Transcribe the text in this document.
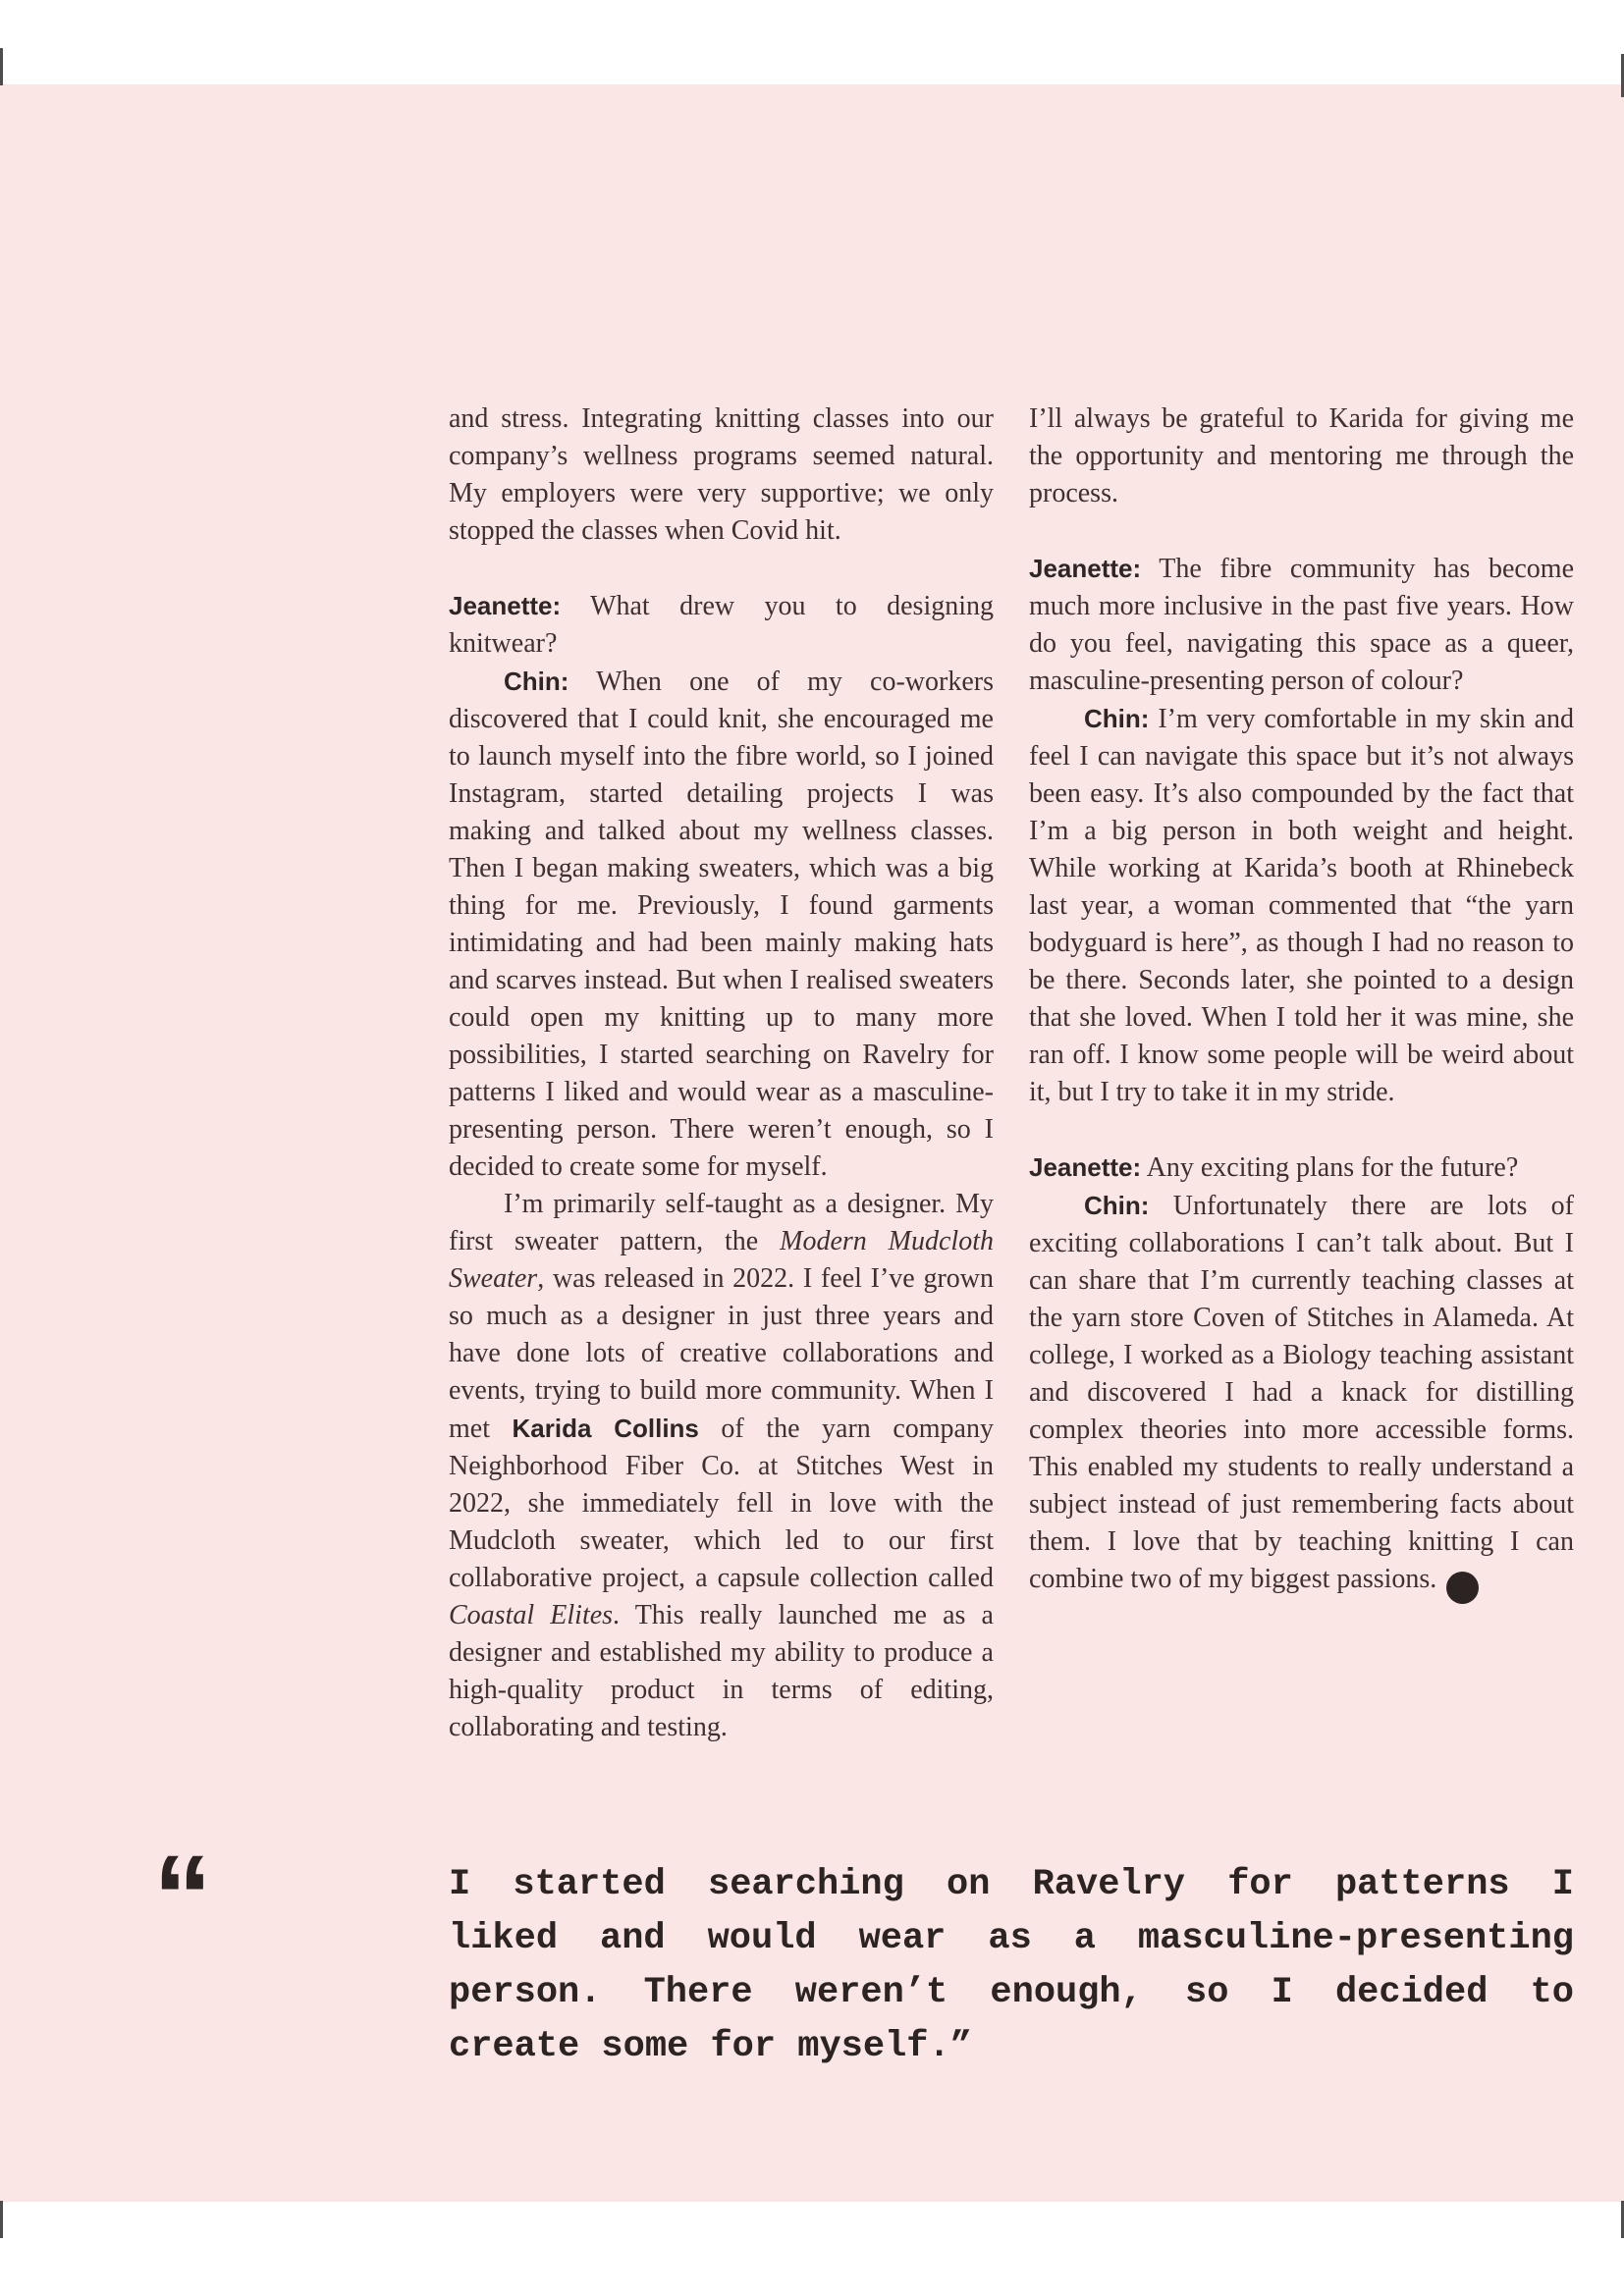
and stress. Integrating knitting classes into our company’s wellness programs seemed natural. My employers were very supportive; we only stopped the classes when Covid hit.

Jeanette: What drew you to designing knitwear?

Chin: When one of my co-workers discovered that I could knit, she encouraged me to launch myself into the fibre world, so I joined Instagram, started detailing projects I was making and talked about my wellness classes. Then I began making sweaters, which was a big thing for me. Previously, I found garments intimidating and had been mainly making hats and scarves instead. But when I realised sweaters could open my knitting up to many more possibilities, I started searching on Ravelry for patterns I liked and would wear as a masculine-presenting person. There weren’t enough, so I decided to create some for myself.

I’m primarily self-taught as a designer. My first sweater pattern, the Modern Mudcloth Sweater, was released in 2022. I feel I’ve grown so much as a designer in just three years and have done lots of creative collaborations and events, trying to build more community. When I met Karida Collins of the yarn company Neighborhood Fiber Co. at Stitches West in 2022, she immediately fell in love with the Mudcloth sweater, which led to our first collaborative project, a capsule collection called Coastal Elites. This really launched me as a designer and established my ability to produce a high-quality product in terms of editing, collaborating and testing.

I’ll always be grateful to Karida for giving me the opportunity and mentoring me through the process.

Jeanette: The fibre community has become much more inclusive in the past five years. How do you feel, navigating this space as a queer, masculine-presenting person of colour?

Chin: I’m very comfortable in my skin and feel I can navigate this space but it’s not always been easy. It’s also compounded by the fact that I’m a big person in both weight and height. While working at Karida’s booth at Rhinebeck last year, a woman commented that “the yarn bodyguard is here”, as though I had no reason to be there. Seconds later, she pointed to a design that she loved. When I told her it was mine, she ran off. I know some people will be weird about it, but I try to take it in my stride.

Jeanette: Any exciting plans for the future?

Chin: Unfortunately there are lots of exciting collaborations I can’t talk about. But I can share that I’m currently teaching classes at the yarn store Coven of Stitches in Alameda. At college, I worked as a Biology teaching assistant and discovered I had a knack for distilling complex theories into more accessible forms. This enabled my students to really understand a subject instead of just remembering facts about them. I love that by teaching knitting I can combine two of my biggest passions.	L

“	I started searching on Ravelry for patterns I
liked and would wear as a masculine-presenting
person. There weren’t enough, so I decided to
create some for myself.”
